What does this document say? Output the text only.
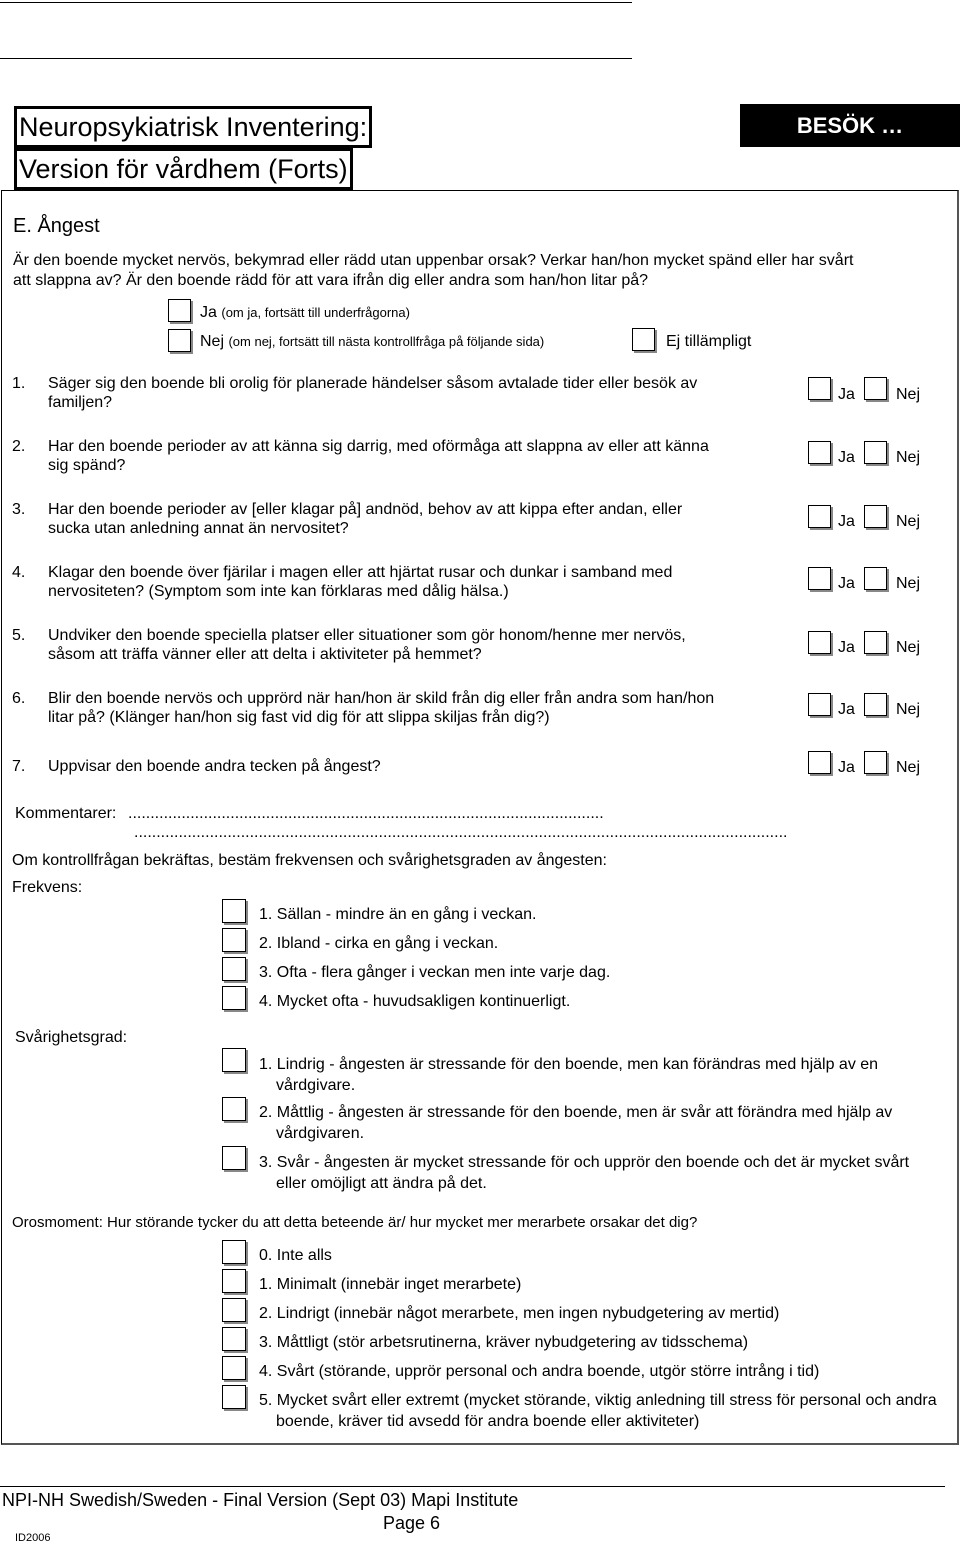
Neuropsykiatrisk Inventering:
Version för vårdhem (Forts)
BESÖK …
E. Ångest
Är den boende mycket nervös, bekymrad eller rädd utan uppenbar orsak? Verkar han/hon mycket spänd eller har svårt
att slappna av? Är den boende rädd för att vara ifrån dig eller andra som han/hon litar på?
Ja (om ja, fortsätt till underfrågorna)
Nej (om nej, fortsätt till nästa kontrollfråga på följande sida)	Ej tillämpligt
1. Säger sig den boende bli orolig för planerade händelser såsom avtalade tider eller besök av
familjen?	Ja	Nej
2. Har den boende perioder av att känna sig darrig, med oförmåga att slappna av eller att känna
sig spänd?	Ja	Nej
3. Har den boende perioder av [eller klagar på] andnöd, behov av att kippa efter andan, eller
sucka utan anledning annat än nervositet?	Ja	Nej
4. Klagar den boende över fjärilar i magen eller att hjärtat rusar och dunkar i samband med
nervositeten? (Symptom som inte kan förklaras med dålig hälsa.)	Ja	Nej
5. Undviker den boende speciella platser eller situationer som gör honom/henne mer nervös,
såsom att träffa vänner eller att delta i aktiviteter på hemmet?	Ja	Nej
6. Blir den boende nervös och upprörd när han/hon är skild från dig eller från andra som han/hon
litar på? (Klänger han/hon sig fast vid dig för att slippa skiljas från dig?)	Ja	Nej
7. Uppvisar den boende andra tecken på ångest?	Ja	Nej
Kommentarer: ...........................................................................................................
...................................................................................................................................................
Om kontrollfrågan bekräftas, bestäm frekvensen och svårighetsgraden av ångesten:
Frekvens:
1. Sällan - mindre än en gång i veckan.
2. Ibland - cirka en gång i veckan.
3. Ofta - flera gånger i veckan men inte varje dag.
4. Mycket ofta - huvudsakligen kontinuerligt.
Svårighetsgrad:
1. Lindrig - ångesten är stressande för den boende, men kan förändras med hjälp av en vårdgivare.
2. Måttlig - ångesten är stressande för den boende, men är svår att förändra med hjälp av vårdgivaren.
3. Svår - ångesten är mycket stressande för och upprör den boende och det är mycket svårt eller omöjligt att ändra på det.
Orosmoment: Hur störande tycker du att detta beteende är/ hur mycket mer merarbete orsakar det dig?
0. Inte alls
1. Minimalt (innebär inget merarbete)
2. Lindrigt (innebär något merarbete, men ingen nybudgetering av mertid)
3. Måttligt (stör arbetsrutinerna, kräver nybudgetering av tidsschema)
4. Svårt (störande, upprör personal och andra boende, utgör större intrång i tid)
5. Mycket svårt eller extremt (mycket störande, viktig anledning till stress för personal och andra boende, kräver tid avsedd för andra boende eller aktiviteter)
NPI-NH Swedish/Sweden - Final Version (Sept 03) Mapi Institute
Page 6
ID2006
